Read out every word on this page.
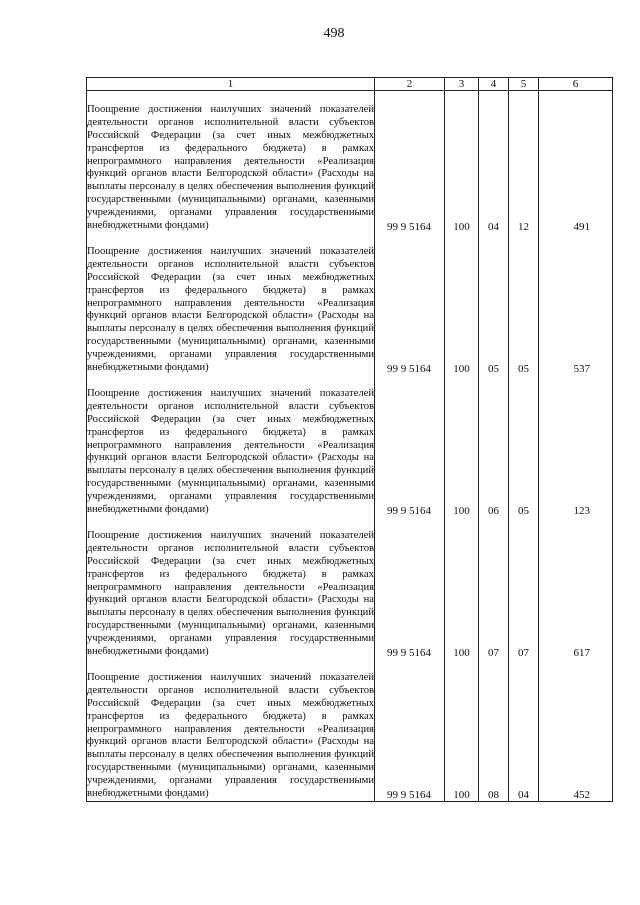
498
1	2	3	4	5	6
Поощрение достижения наилучших значений показателей деятельности органов исполнительной власти субъектов Российской Федерации (за счет иных межбюджетных трансфертов из федерального бюджета) в рамках непрограммного направления деятельности «Реализация функций органов власти Белгородской области» (Расходы на выплаты персоналу в целях обеспечения выполнения функций государственными (муниципальными) органами, казенными учреждениями, органами управления государственными внебюджетными фондами)	99 9 5164	100	04	12	491
Поощрение достижения наилучших значений показателей деятельности органов исполнительной власти субъектов Российской Федерации (за счет иных межбюджетных трансфертов из федерального бюджета) в рамках непрограммного направления деятельности «Реализация функций органов власти Белгородской области» (Расходы на выплаты персоналу в целях обеспечения выполнения функций государственными (муниципальными) органами, казенными учреждениями, органами управления государственными внебюджетными фондами)	99 9 5164	100	05	05	537
Поощрение достижения наилучших значений показателей деятельности органов исполнительной власти субъектов Российской Федерации (за счет иных межбюджетных трансфертов из федерального бюджета) в рамках непрограммного направления деятельности «Реализация функций органов власти Белгородской области» (Расходы на выплаты персоналу в целях обеспечения выполнения функций государственными (муниципальными) органами, казенными учреждениями, органами управления государственными внебюджетными фондами)	99 9 5164	100	06	05	123
Поощрение достижения наилучших значений показателей деятельности органов исполнительной власти субъектов Российской Федерации (за счет иных межбюджетных трансфертов из федерального бюджета) в рамках непрограммного направления деятельности «Реализация функций органов власти Белгородской области» (Расходы на выплаты персоналу в целях обеспечения выполнения функций государственными (муниципальными) органами, казенными учреждениями, органами управления государственными внебюджетными фондами)	99 9 5164	100	07	07	617
Поощрение достижения наилучших значений показателей деятельности органов исполнительной власти субъектов Российской Федерации (за счет иных межбюджетных трансфертов из федерального бюджета) в рамках непрограммного направления деятельности «Реализация функций органов власти Белгородской области» (Расходы на выплаты персоналу в целях обеспечения выполнения функций государственными (муниципальными) органами, казенными учреждениями, органами управления государственными внебюджетными фондами)	99 9 5164	100	08	04	452
